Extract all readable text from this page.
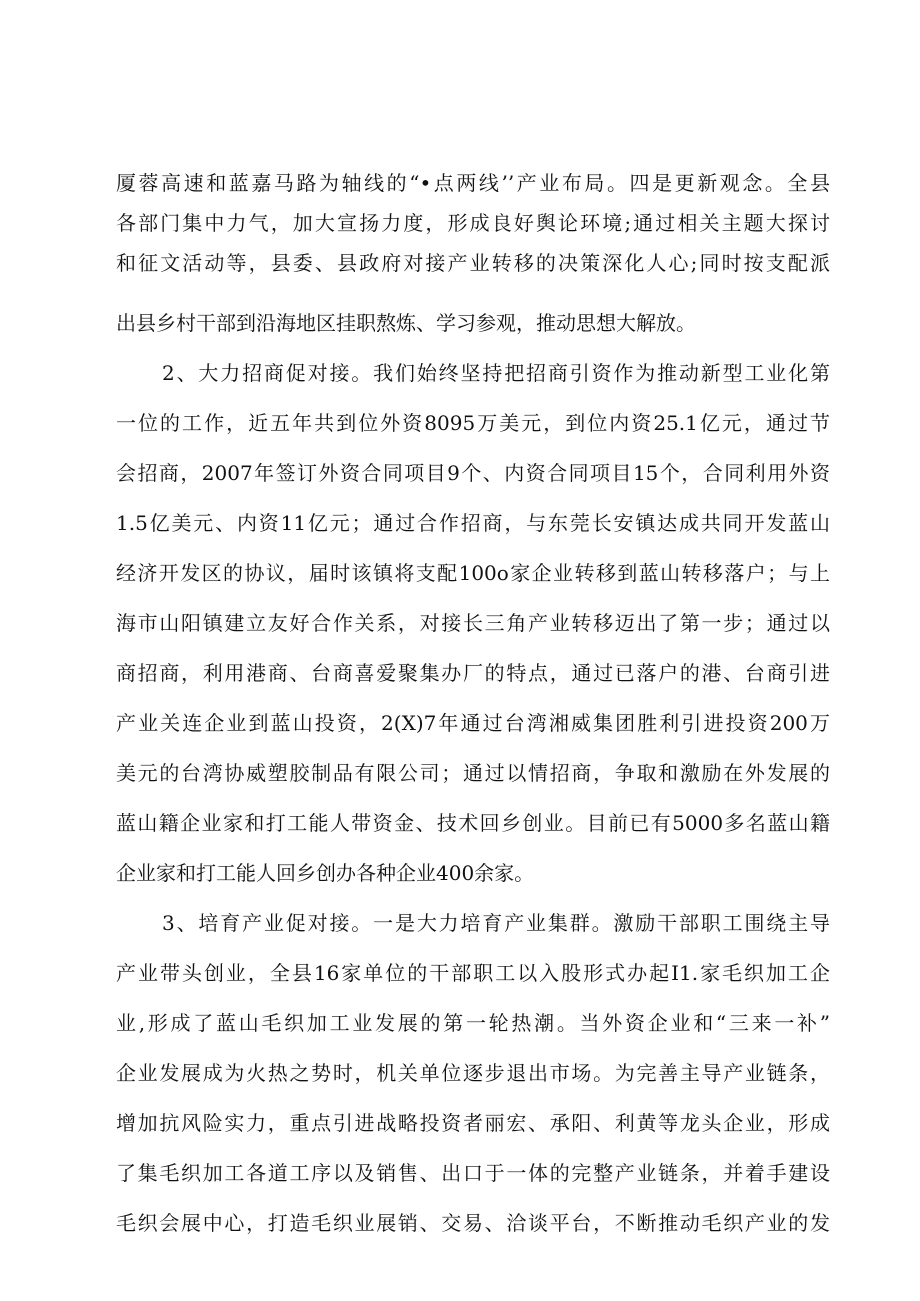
厦蓉高速和蓝嘉马路为轴线的“•点两线’’产业布局。四是更新观念。全县
各部门集中力气，加大宣扬力度，形成良好舆论环境;通过相关主题大探讨
和征文活动等，县委、县政府对接产业转移的决策深化人心;同时按支配派
出县乡村干部到沿海地区挂职熬炼、学习参观，推动思想大解放。
2、大力招商促对接。我们始终坚持把招商引资作为推动新型工业化第
一位的工作，近五年共到位外资8095万美元，到位内资25.1亿元，通过节
会招商，2007年签订外资合同项目9个、内资合同项目15个，合同利用外资
1.5亿美元、内资11亿元；通过合作招商，与东莞长安镇达成共同开发蓝山
经济开发区的协议，届时该镇将支配100o家企业转移到蓝山转移落户；与上
海市山阳镇建立友好合作关系，对接长三角产业转移迈出了第一步；通过以
商招商，利用港商、台商喜爱聚集办厂的特点，通过已落户的港、台商引进
产业关连企业到蓝山投资，2(X)7年通过台湾湘威集团胜利引进投资200万
美元的台湾协威塑胶制品有限公司；通过以情招商，争取和激励在外发展的
蓝山籍企业家和打工能人带资金、技术回乡创业。目前已有5000多名蓝山籍
企业家和打工能人回乡创办各种企业400余家。
3、培育产业促对接。一是大力培育产业集群。激励干部职工围绕主导
产业带头创业，全县16家单位的干部职工以入股形式办起I1.家毛织加工企
业,形成了蓝山毛织加工业发展的第一轮热潮。当外资企业和“三来一补”
企业发展成为火热之势时，机关单位逐步退出市场。为完善主导产业链条，
增加抗风险实力，重点引进战略投资者丽宏、承阳、利黄等龙头企业，形成
了集毛织加工各道工序以及销售、出口于一体的完整产业链条，并着手建设
毛织会展中心，打造毛织业展销、交易、洽谈平台，不断推动毛织产业的发
